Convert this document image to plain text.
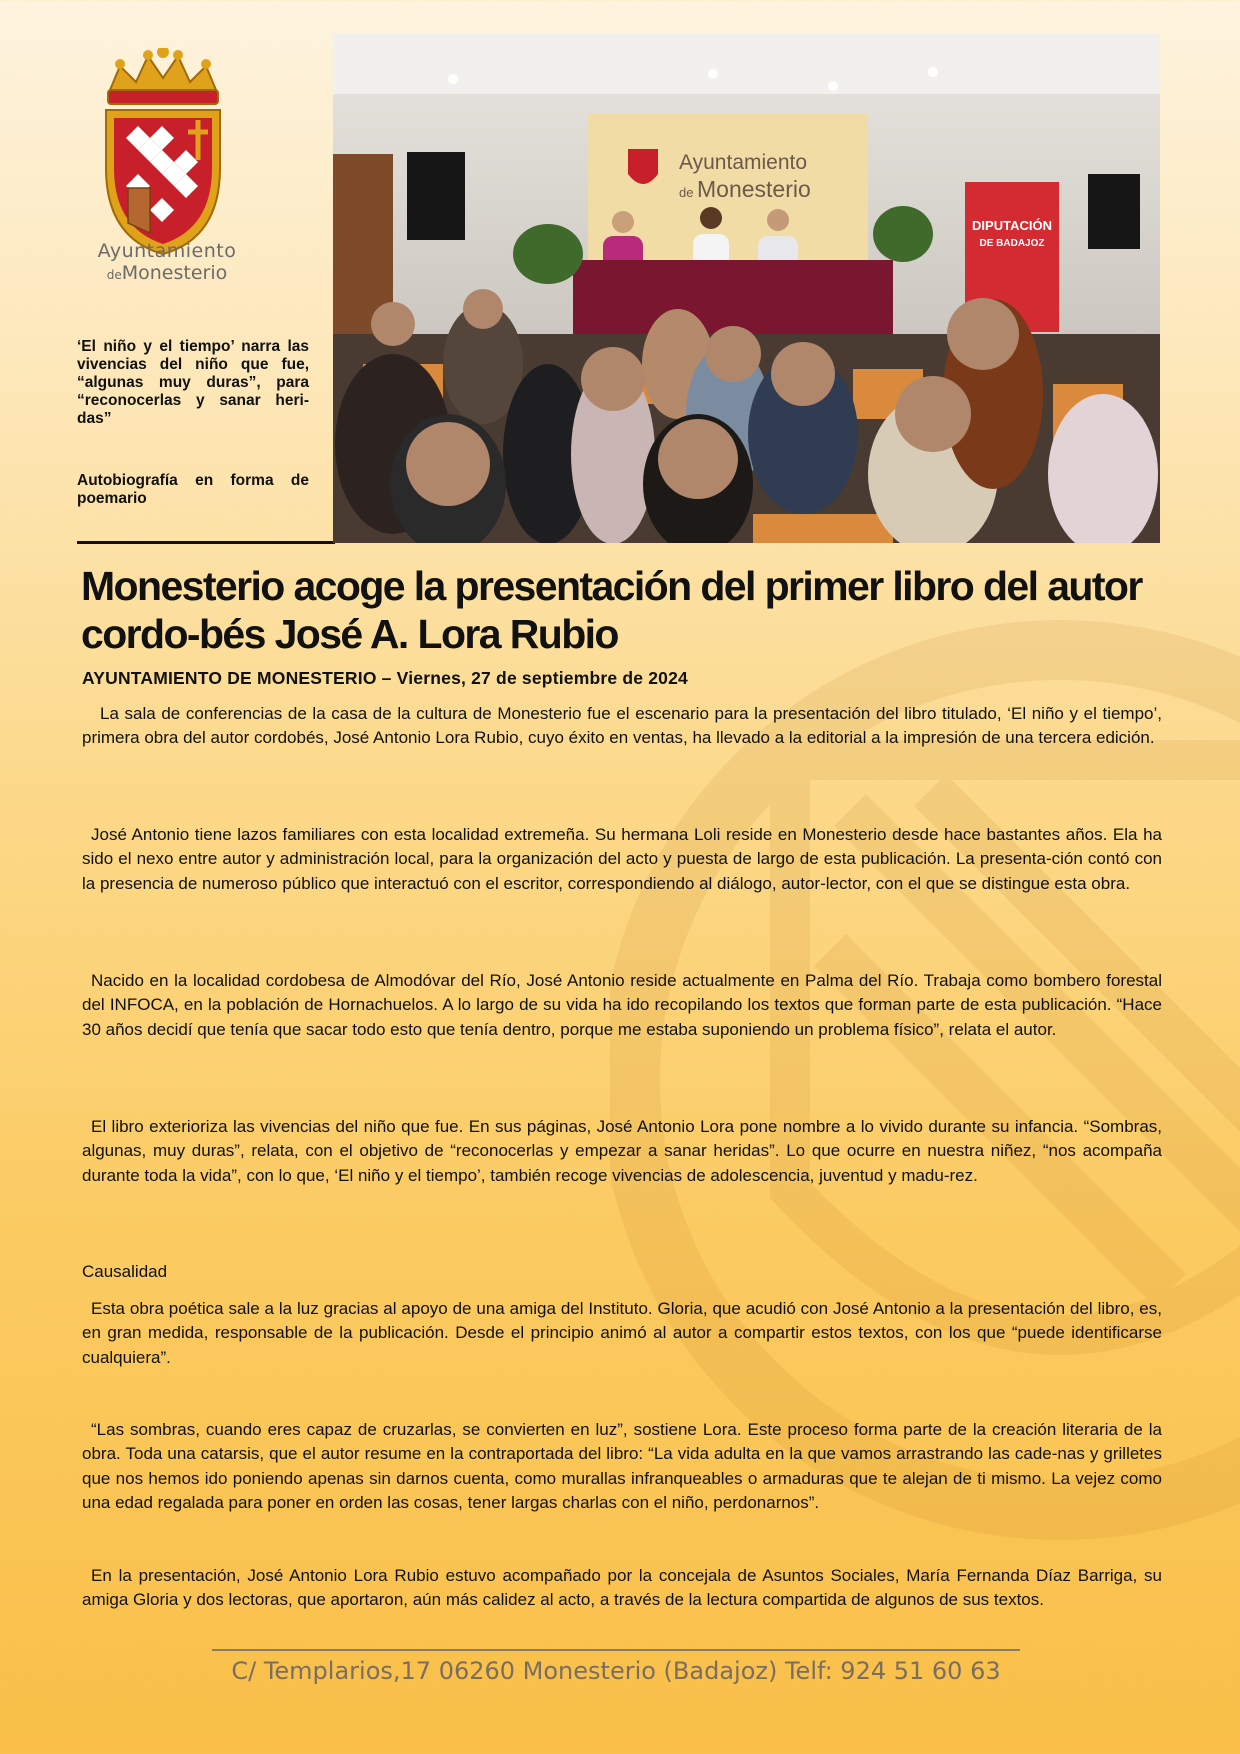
Ayuntamiento
deMonesterio
‘El niño y el tiempo’ narra las vivencias del niño que fue, “algunas muy duras”, para “reconocerlas y sanar heri-das”
Autobiografía en forma de poemario
Ayuntamiento
de Monesterio
DIPUTACIÓN
DE BADAJOZ
Monesterio acoge la presentación del primer libro del autor cordo-bés José A. Lora Rubio
AYUNTAMIENTO DE MONESTERIO – Viernes, 27 de septiembre de 2024

La sala de conferencias de la casa de la cultura de Monesterio fue el escenario para la presentación del libro titulado, ‘El niño y el tiempo’, primera obra del autor cordobés, José Antonio Lora Rubio, cuyo éxito en ventas, ha llevado a la editorial a la impresión de una tercera edición.

José Antonio tiene lazos familiares con esta localidad extremeña. Su hermana Loli reside en Monesterio desde hace bastantes años. Ela ha sido el nexo entre autor y administración local, para la organización del acto y puesta de largo de esta publicación. La presenta-ción contó con la presencia de numeroso público que interactuó con el escritor, correspondiendo al diálogo, autor-lector, con el que se distingue esta obra.

Nacido en la localidad cordobesa de Almodóvar del Río, José Antonio reside actualmente en Palma del Río. Trabaja como bombero forestal del INFOCA, en la población de Hornachuelos. A lo largo de su vida ha ido recopilando los textos que forman parte de esta publicación. “Hace 30 años decidí que tenía que sacar todo esto que tenía dentro, porque me estaba suponiendo un problema físico”, relata el autor.

El libro exterioriza las vivencias del niño que fue. En sus páginas, José Antonio Lora pone nombre a lo vivido durante su infancia. “Sombras, algunas, muy duras”, relata, con el objetivo de “reconocerlas y empezar a sanar heridas”. Lo que ocurre en nuestra niñez, “nos acompaña durante toda la vida”, con lo que, ‘El niño y el tiempo’, también recoge vivencias de adolescencia, juventud y madu-rez.

Causalidad

Esta obra poética sale a la luz gracias al apoyo de una amiga del Instituto. Gloria, que acudió con José Antonio a la presentación del libro, es, en gran medida, responsable de la publicación. Desde el principio animó al autor a compartir estos textos, con los que “puede identificarse cualquiera”.

“Las sombras, cuando eres capaz de cruzarlas, se convierten en luz”, sostiene Lora. Este proceso forma parte de la creación literaria de la obra. Toda una catarsis, que el autor resume en la contraportada del libro: “La vida adulta en la que vamos arrastrando las cade-nas y grilletes que nos hemos ido poniendo apenas sin darnos cuenta, como murallas infranqueables o armaduras que te alejan de ti mismo. La vejez como una edad regalada para poner en orden las cosas, tener largas charlas con el niño, perdonarnos”.

En la presentación, José Antonio Lora Rubio estuvo acompañado por la concejala de Asuntos Sociales, María Fernanda Díaz Barriga, su amiga Gloria y dos lectoras, que aportaron, aún más calidez al acto, a través de la lectura compartida de algunos de sus textos.

C/ Templarios,17 06260 Monesterio (Badajoz) Telf: 924 51 60 63
